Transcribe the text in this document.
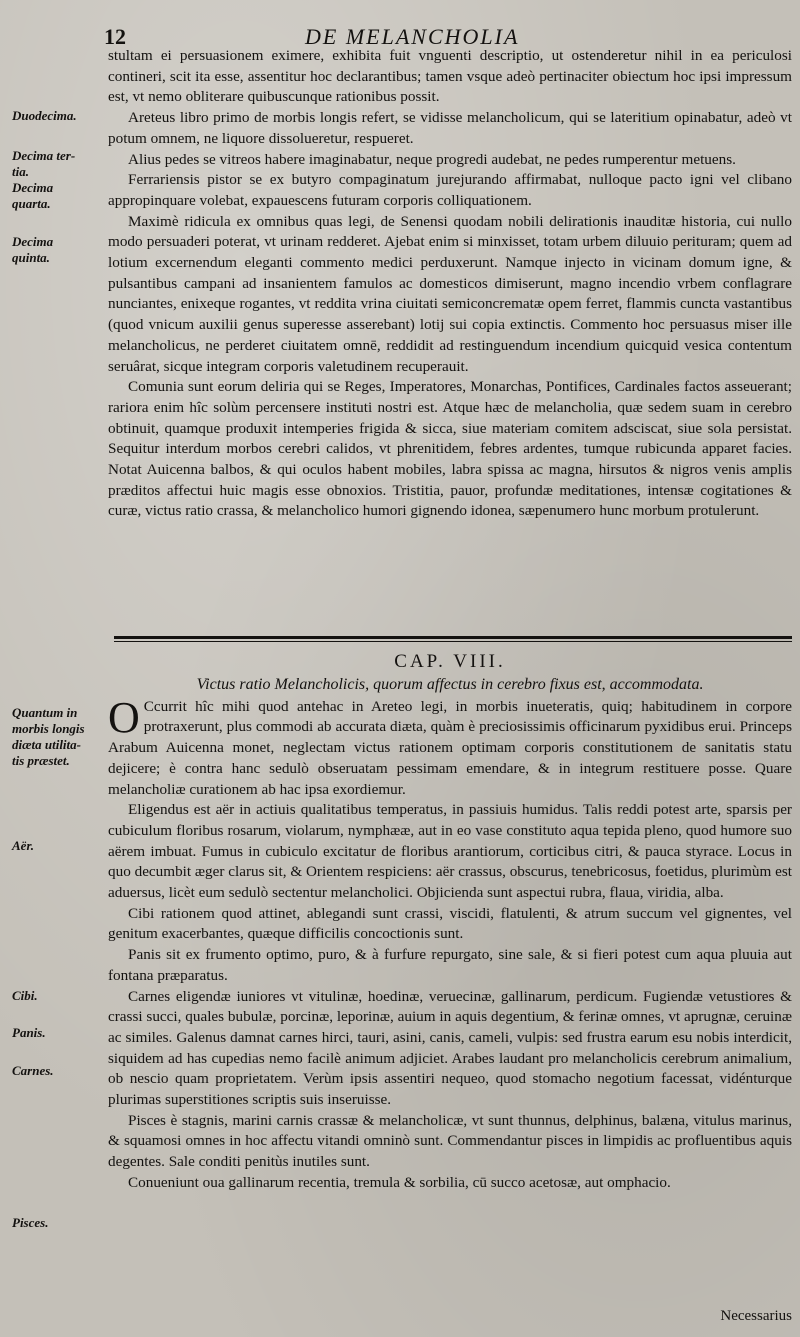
12	DE MELANCHOLIA
Duodecima.
Decima ter-
tia.
Decima
quarta.
Decima
quinta.
Quantum in
morbis longis
diæta utilita-
tis præstet.
Aër.
Cibi.
Panis.
Carnes.
Pisces.

stultam ei persuasionem eximere, exhibita fuit vnguenti descriptio, ut ostenderetur nihil in ea periculosi contineri, scit ita esse, assentitur hoc declarantibus; tamen vsque adeò pertinaciter obiectum hoc ipsi impressum est, vt nemo obliterare quibuscunque rationibus possit.

Areteus libro primo de morbis longis refert, se vidisse melancholicum, qui se lateritium opinabatur, adeò vt potum omnem, ne liquore dissolueretur, respueret.

Alius pedes se vitreos habere imaginabatur, neque progredi audebat, ne pedes rumperentur metuens.

Ferrariensis pistor se ex butyro compaginatum jurejurando affirmabat, nulloque pacto igni vel clibano appropinquare volebat, expauescens futuram corporis colliquationem.

Maximè ridicula ex omnibus quas legi, de Senensi quodam nobili delirationis inauditæ historia, cui nullo modo persuaderi poterat, vt urinam redderet. Ajebat enim si minxisset, totam urbem diluuio perituram; quem ad lotium excernendum eleganti commento medici perduxerunt. Namque injecto in vicinam domum igne, & pulsantibus campani ad insanientem famulos ac domesticos dimiserunt, magno incendio vrbem conflagrare nunciantes, enixeque rogantes, vt reddita vrina ciuitati semiconcrematæ opem ferret, flammis cuncta vastantibus (quod vnicum auxilii genus superesse asserebant) lotij sui copia extinctis. Commento hoc persuasus miser ille melancholicus, ne perderet ciuitatem omnē, reddidit ad restinguendum incendium quicquid vesica contentum seruârat, sicque integram corporis valetudinem recuperauit.

Comunia sunt eorum deliria qui se Reges, Imperatores, Monarchas, Pontifices, Cardinales factos asseuerant; rariora enim hîc solùm percensere instituti nostri est. Atque hæc de melancholia, quæ sedem suam in cerebro obtinuit, quamque produxit intemperies frigida & sicca, siue materiam comitem adsciscat, siue sola persistat. Sequitur interdum morbos cerebri calidos, vt phrenitidem, febres ardentes, tumque rubicunda apparet facies. Notat Auicenna balbos, & qui oculos habent mobiles, labra spissa ac magna, hirsutos & nigros venis amplis præditos affectui huic magis esse obnoxios. Tristitia, pauor, profundæ meditationes, intensæ cogitationes & curæ, victus ratio crassa, & melancholico humori gignendo idonea, sæpenumero hunc morbum protulerunt.

CAP. VIII.
Victus ratio Melancholicis, quorum affectus in cerebro fixus est, accommodata.

O Ccurrit hîc mihi quod antehac in Areteo legi, in morbis inueteratis, quiq; habitudinem in corpore protraxerunt, plus commodi ab accurata diæta, quàm è preciosissimis officinarum pyxidibus erui. Princeps Arabum Auicenna monet, neglectam victus rationem optimam corporis constitutionem de sanitatis statu dejicere; è contra hanc sedulò obseruatam pessimam emendare, & in integrum restituere posse. Quare melancholiæ curationem ab hac ipsa exordiemur.

Eligendus est aër in actiuis qualitatibus temperatus, in passiuis humidus. Talis reddi potest arte, sparsis per cubiculum floribus rosarum, violarum, nymphææ, aut in eo vase constituto aqua tepida pleno, quod humore suo aërem imbuat. Fumus in cubiculo excitatur de floribus arantiorum, corticibus citri, & pauca styrace. Locus in quo decumbit æger clarus sit, & Orientem respiciens: aër crassus, obscurus, tenebricosus, foetidus, plurimùm est aduersus, licèt eum sedulò sectentur melancholici. Objicienda sunt aspectui rubra, flaua, viridia, alba.

Cibi rationem quod attinet, ablegandi sunt crassi, viscidi, flatulenti, & atrum succum vel gignentes, vel genitum exacerbantes, quæque difficilis concoctionis sunt.

Panis sit ex frumento optimo, puro, & à furfure repurgato, sine sale, & si fieri potest cum aqua pluuia aut fontana præparatus.

Carnes eligendæ iuniores vt vitulinæ, hoedinæ, veruecinæ, gallinarum, perdicum. Fugiendæ vetustiores & crassi succi, quales bubulæ, porcinæ, leporinæ, auium in aquis degentium, & ferinæ omnes, vt aprugnæ, ceruinæ ac similes. Galenus damnat carnes hirci, tauri, asini, canis, cameli, vulpis: sed frustra earum esu nobis interdicit, siquidem ad has cupedias nemo facilè animum adjiciet. Arabes laudant pro melancholicis cerebrum animalium, ob nescio quam proprietatem. Verùm ipsis assentiri nequeo, quod stomacho negotium facessat, vidénturque plurimas superstitiones scriptis suis inseruisse.

Pisces è stagnis, marini carnis crassæ & melancholicæ, vt sunt thunnus, delphinus, balæna, vitulus marinus, & squamosi omnes in hoc affectu vitandi omninò sunt. Commendantur pisces in limpidis ac profluentibus aquis degentes. Sale conditi penitùs inutiles sunt.

Conueniunt oua gallinarum recentia, tremula & sorbilia, cū succo acetosæ, aut omphacio.

Necessarius
